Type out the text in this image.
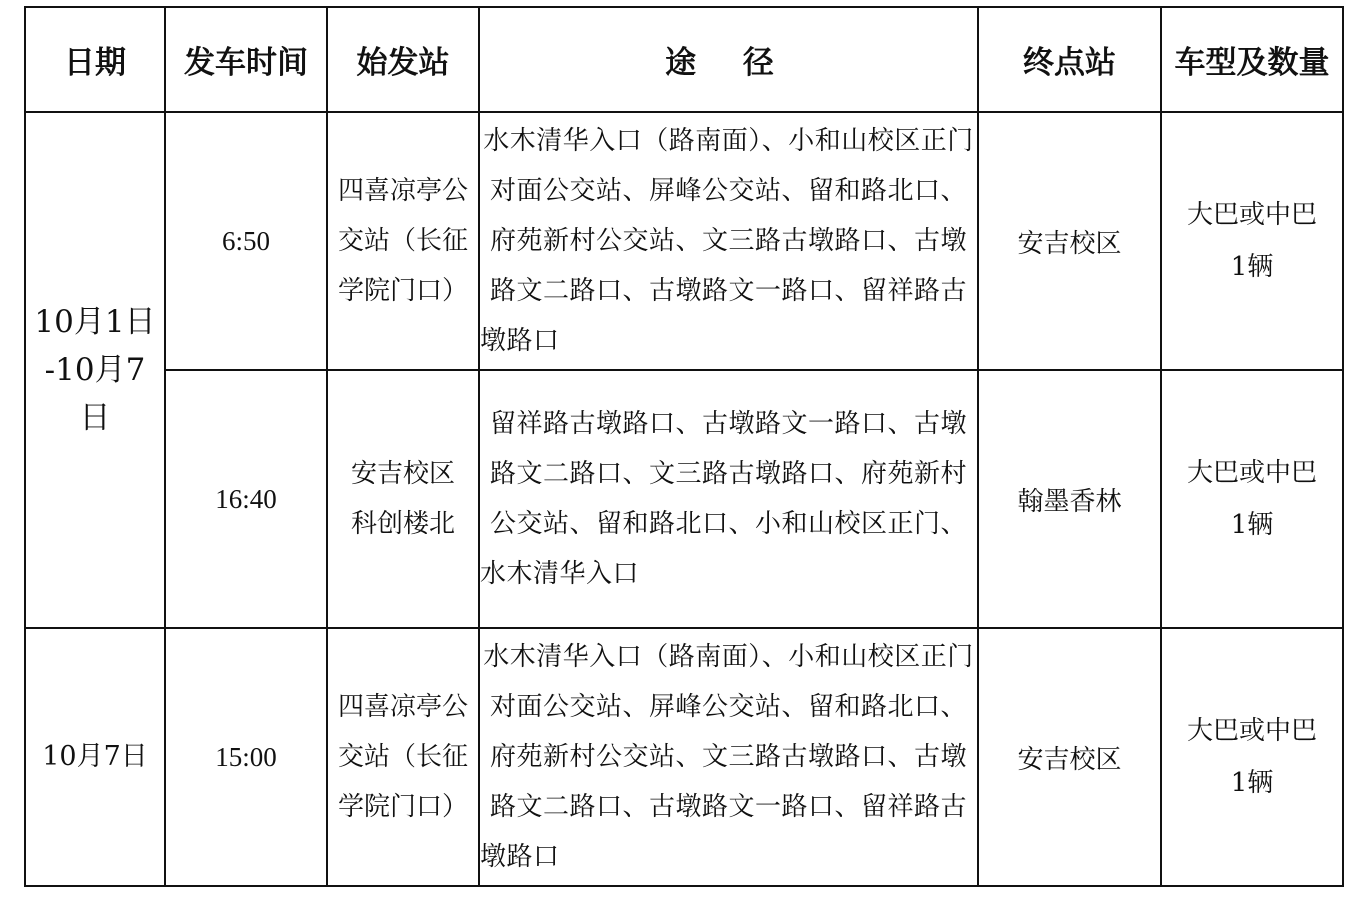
日期	发车时间	始发站	途 径	终点站	车型及数量

10月1日
-10月7
日	6:50	四喜凉亭公
交站（长征
学院门口）	水木清华入口（路南面）、小和山校区正门对面公交站、屏峰公交站、留和路北口、府苑新村公交站、文三路古墩路口、古墩路文二路口、古墩路文一路口、留祥路古墩路口	安吉校区	大巴或中巴
1辆

	16:40	安吉校区
科创楼北	留祥路古墩路口、古墩路文一路口、古墩路文二路口、文三路古墩路口、府苑新村公交站、留和路北口、小和山校区正门、水木清华入口	翰墨香林	大巴或中巴
1辆

10月7日	15:00	四喜凉亭公
交站（长征
学院门口）	水木清华入口（路南面）、小和山校区正门对面公交站、屏峰公交站、留和路北口、府苑新村公交站、文三路古墩路口、古墩路文二路口、古墩路文一路口、留祥路古墩路口	安吉校区	大巴或中巴
1辆
